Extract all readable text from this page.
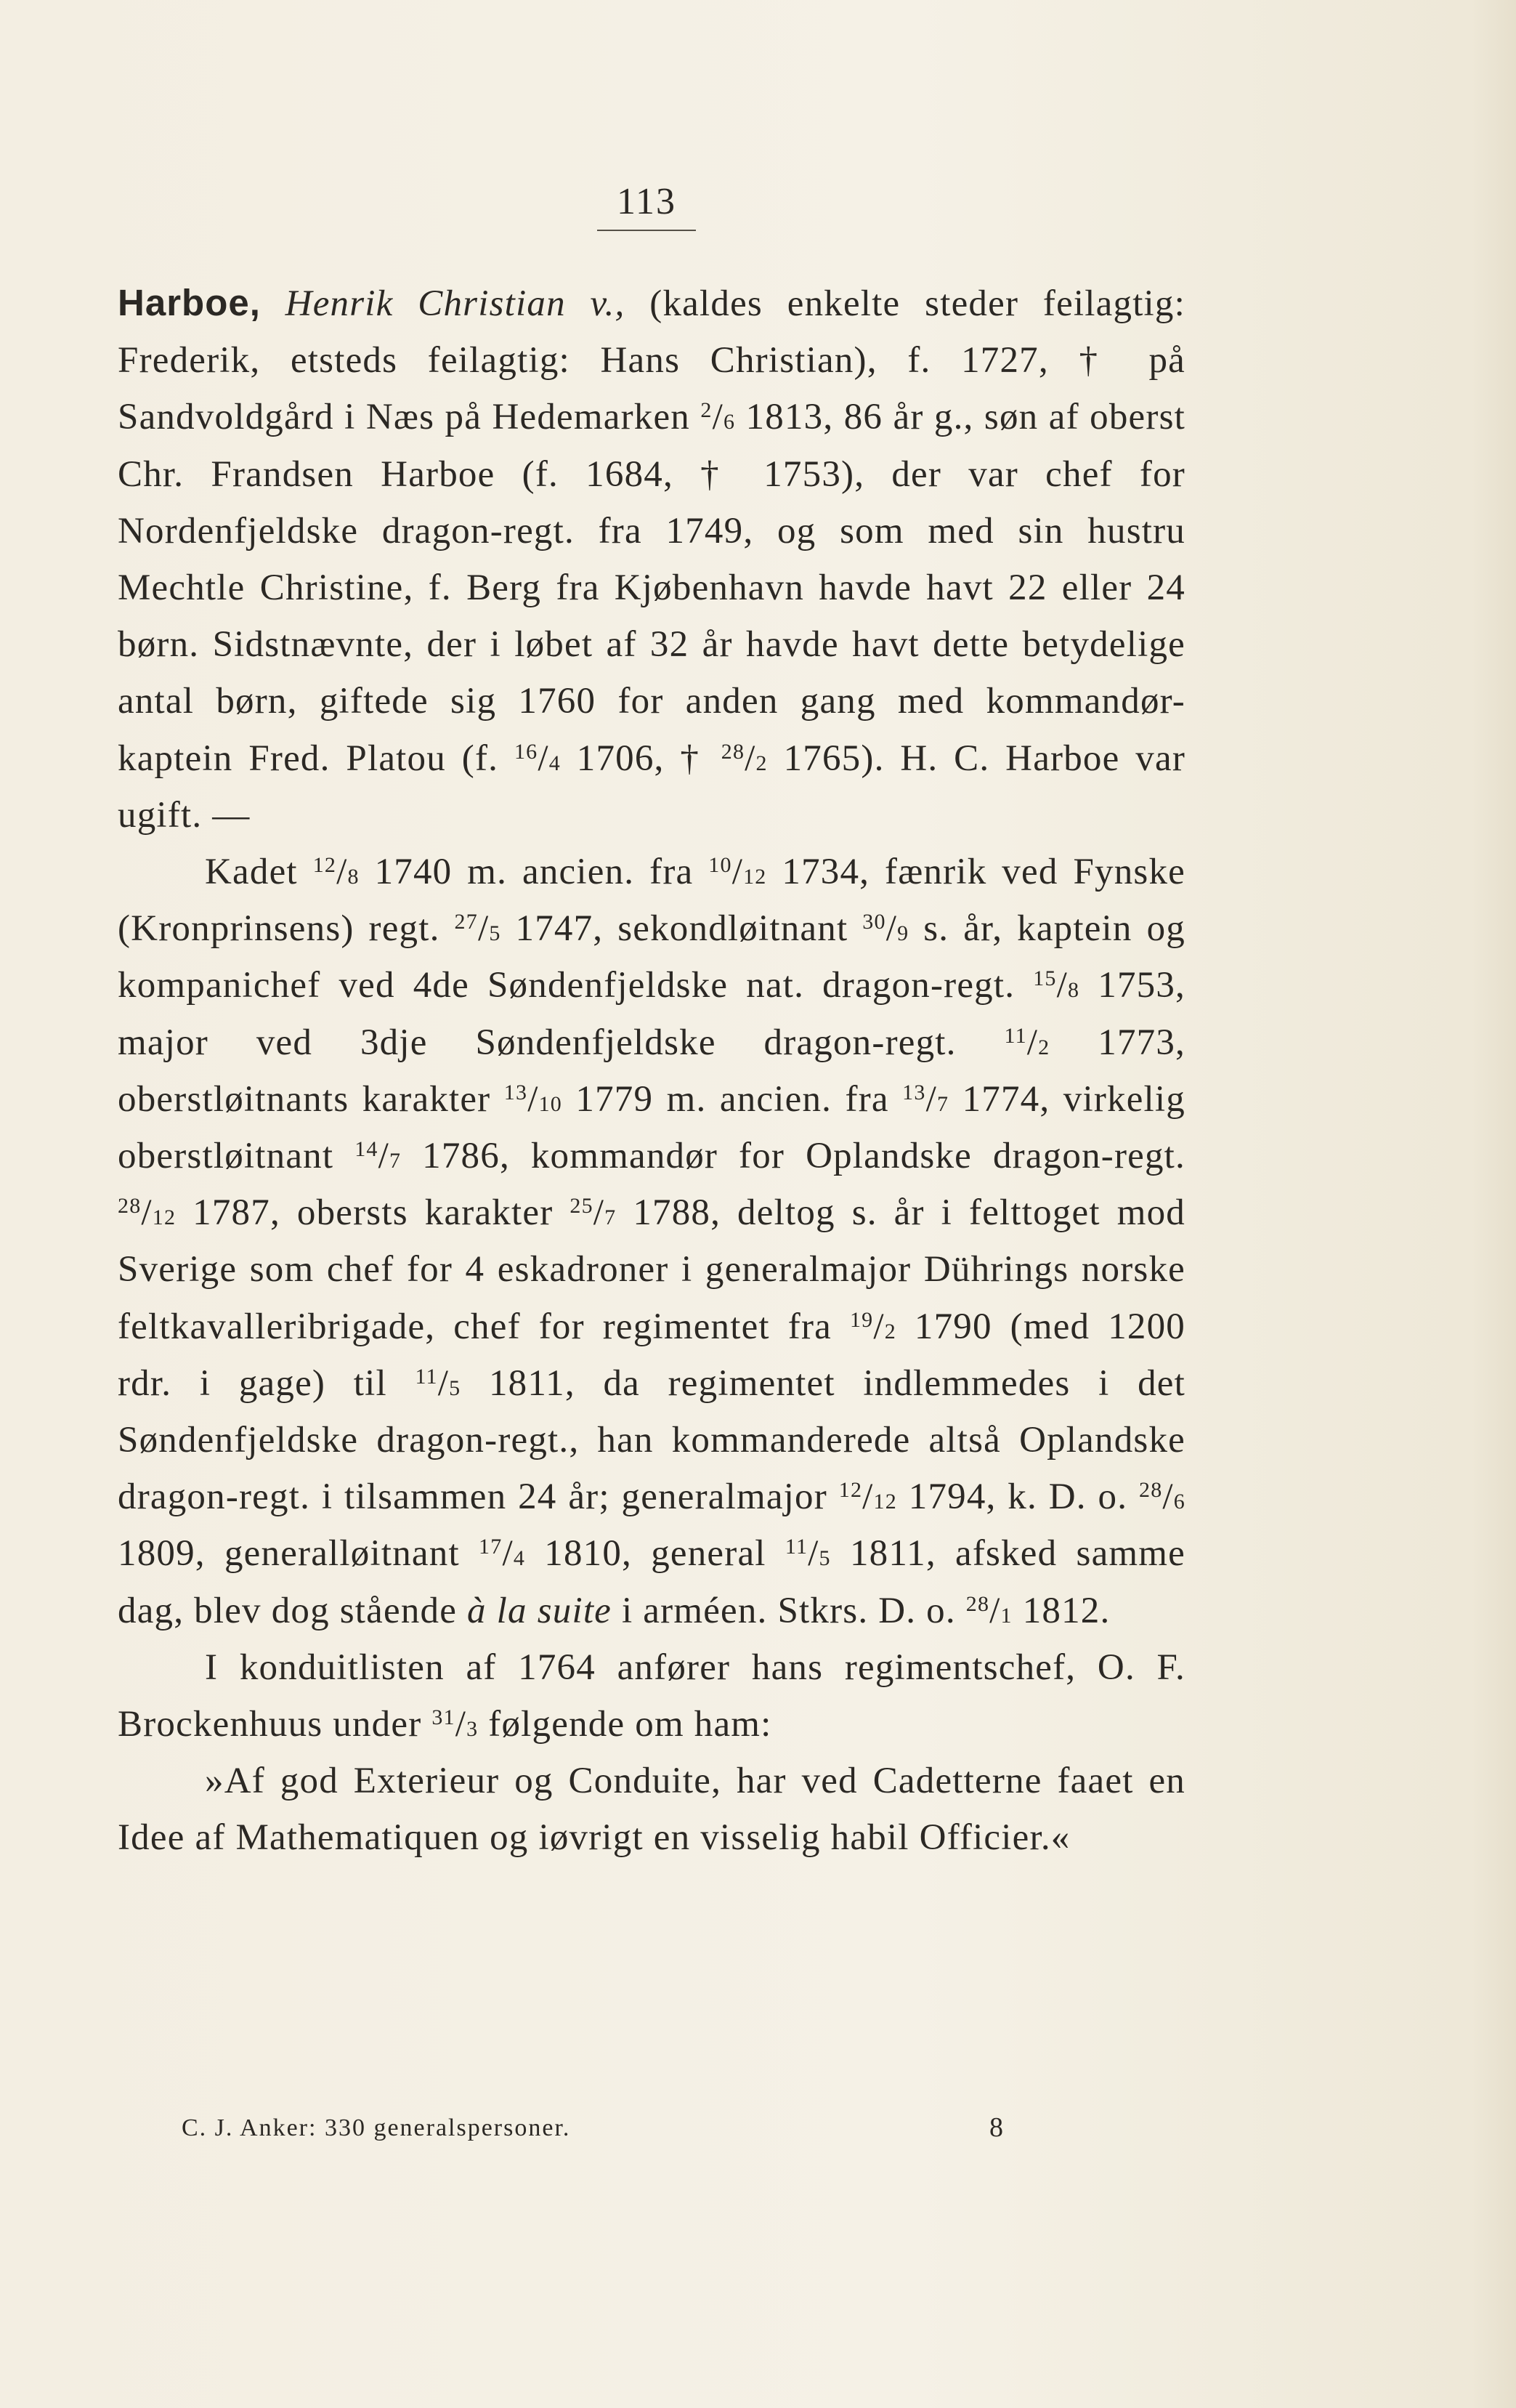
113

Harboe, Henrik Christian v., (kaldes enkelte steder feilagtig: Frederik, etsteds feilagtig: Hans Christian), f. 1727, † på Sandvoldgård i Næs på Hedemarken $^2$/6 1813, 86 år g., søn af oberst Chr. Frandsen Harboe (f. 1684, † 1753), der var chef for Nordenfjeldske dragon-regt. fra 1749, og som med sin hustru Mechtle Christine, f. Berg fra Kjøbenhavn havde havt 22 eller 24 børn. Sidstnævnte, der i løbet af 32 år havde havt dette betydelige antal børn, giftede sig 1760 for anden gang med kommandør-kaptein Fred. Platou (f. $^{16}$/4 1706, † $^{28}$/2 1765). H. C. Harboe var ugift. —

Kadet $^{12}$/8 1740 m. ancien. fra $^{10}$/12 1734, fænrik ved Fynske (Kronprinsens) regt. $^{27}$/5 1747, sekondløitnant $^{30}$/9 s. år, kaptein og kompanichef ved 4de Søndenfjeldske nat. dragon-regt. $^{15}$/8 1753, major ved 3dje Søndenfjeldske dragon-regt. $^{11}$/2 1773, oberstløitnants karakter $^{13}$/10 1779 m. ancien. fra $^{13}$/7 1774, virkelig oberstløitnant $^{14}$/7 1786, kommandør for Oplandske dragon-regt. $^{28}$/12 1787, obersts karakter $^{25}$/7 1788, deltog s. år i felttoget mod Sverige som chef for 4 eskadroner i generalmajor Dührings norske feltkavalleribrigade, chef for regimentet fra $^{19}$/2 1790 (med 1200 rdr. i gage) til $^{11}$/5 1811, da regimentet indlemmedes i det Søndenfjeldske dragon-regt., han kommanderede altså Oplandske dragon-regt. i tilsammen 24 år; generalmajor $^{12}$/12 1794, k. D. o. $^{28}$/6 1809, generalløitnant $^{17}$/4 1810, general $^{11}$/5 1811, afsked samme dag, blev dog stående à la suite i arméen. Stkrs. D. o. $^{28}$/1 1812.

I konduitlisten af 1764 anfører hans regimentschef, O. F. Brockenhuus under $^{31}$/3 følgende om ham:

»Af god Exterieur og Conduite, har ved Cadetterne faaet en Idee af Mathematiquen og iøvrigt en visselig habil Officier.«

C. J. Anker: 330 generalspersoner.	8
